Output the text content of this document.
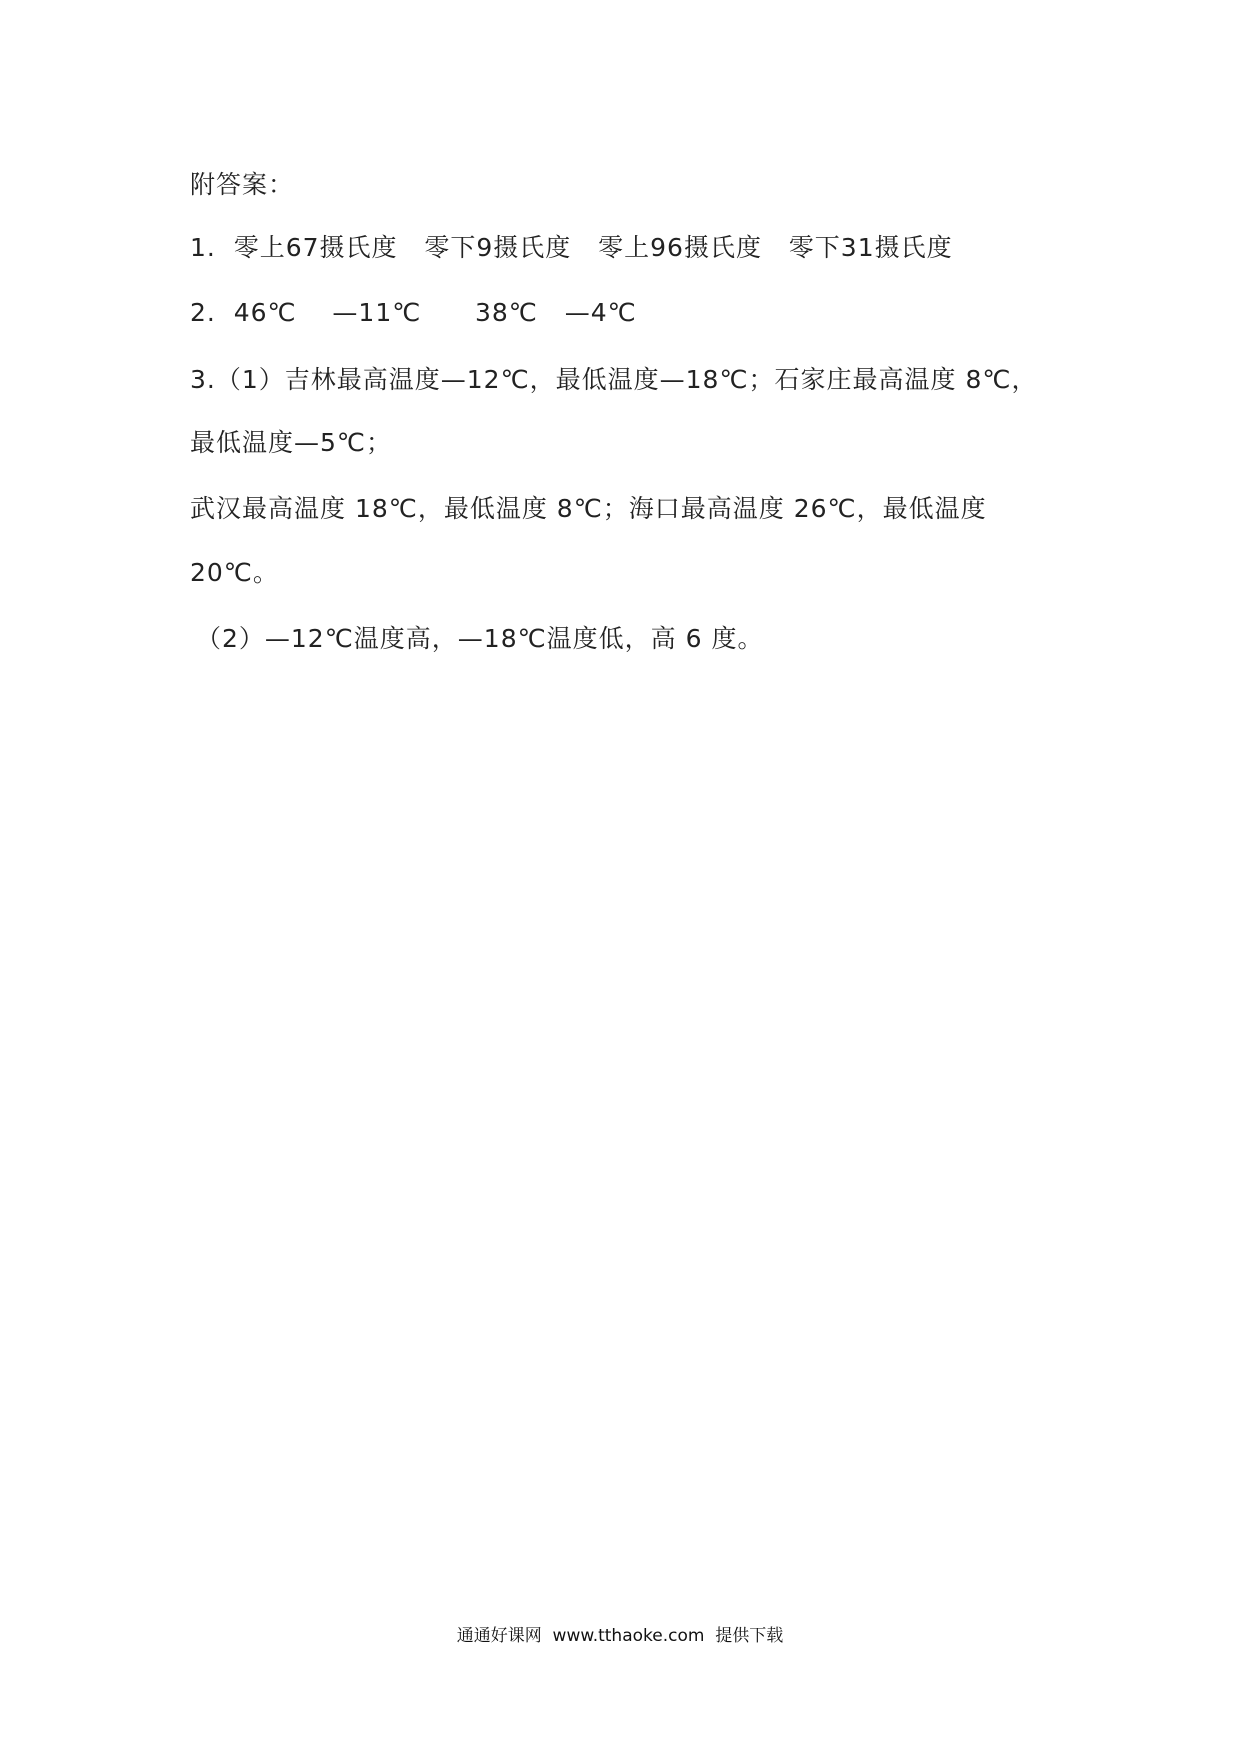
附答案：
1.  零上67摄氏度   零下9摄氏度   零上96摄氏度   零下31摄氏度
2.  46℃    —11℃      38℃   —4℃
3.（1）吉林最高温度—12℃，最低温度—18℃；石家庄最高温度 8℃，
最低温度—5℃；
武汉最高温度 18℃，最低温度 8℃；海口最高温度 26℃，最低温度
20℃。
（2）—12℃温度高，—18℃温度低，高 6 度。
通通好课网  www.tthaoke.com  提供下载
